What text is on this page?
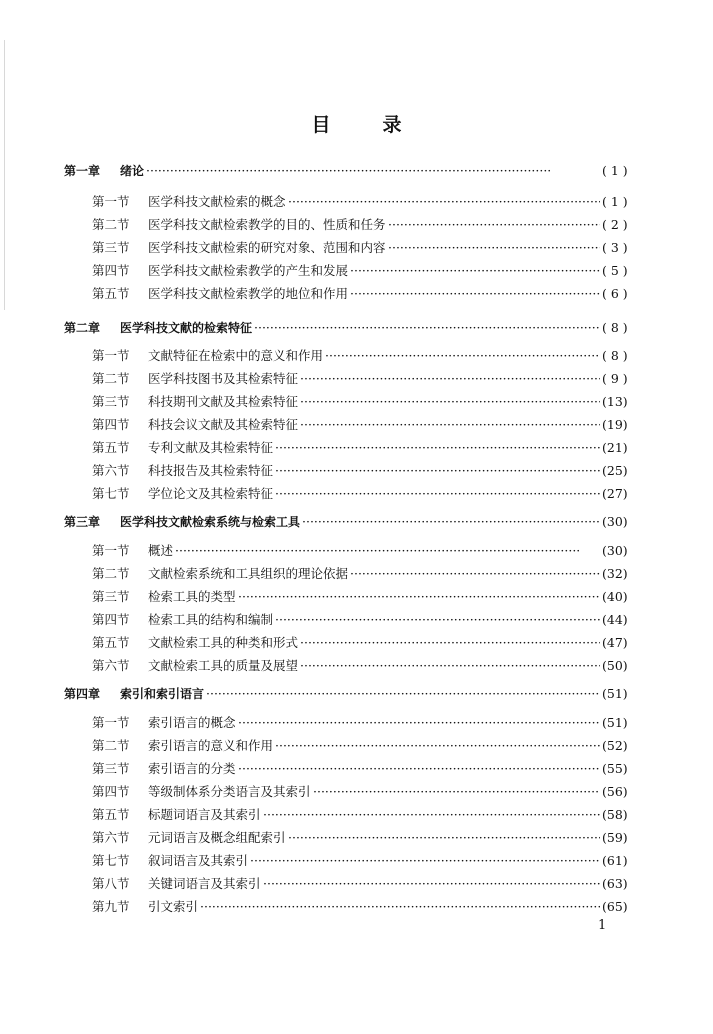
目	录
第一章 绪论 ·····	( 1 )
第一节 医学科技文献检索的概念 ·····	( 1 )
第二节 医学科技文献检索教学的目的、性质和任务 ·····	( 2 )
第三节 医学科技文献检索的研究对象、范围和内容 ·····	( 3 )
第四节 医学科技文献检索教学的产生和发展 ·····	( 5 )
第五节 医学科技文献检索教学的地位和作用 ·····	( 6 )
第二章 医学科技文献的检索特征 ·····	( 8 )
第一节 文献特征在检索中的意义和作用 ·····	( 8 )
第二节 医学科技图书及其检索特征 ·····	( 9 )
第三节 科技期刊文献及其检索特征 ·····	(13)
第四节 科技会议文献及其检索特征 ·····	(19)
第五节 专利文献及其检索特征 ·····	(21)
第六节 科技报告及其检索特征 ·····	(25)
第七节 学位论文及其检索特征 ·····	(27)
第三章 医学科技文献检索系统与检索工具 ·····	(30)
第一节 概述 ·····	(30)
第二节 文献检索系统和工具组织的理论依据 ·····	(32)
第三节 检索工具的类型 ·····	(40)
第四节 检索工具的结构和编制 ·····	(44)
第五节 文献检索工具的种类和形式 ·····	(47)
第六节 文献检索工具的质量及展望 ·····	(50)
第四章 索引和索引语言 ·····	(51)
第一节 索引语言的概念 ·····	(51)
第二节 索引语言的意义和作用 ·····	(52)
第三节 索引语言的分类 ·····	(55)
第四节 等级制体系分类语言及其索引 ·····	(56)
第五节 标题词语言及其索引 ·····	(58)
第六节 元词语言及概念组配索引 ·····	(59)
第七节 叙词语言及其索引 ·····	(61)
第八节 关键词语言及其索引 ·····	(63)
第九节 引文索引 ·····	(65)
1
